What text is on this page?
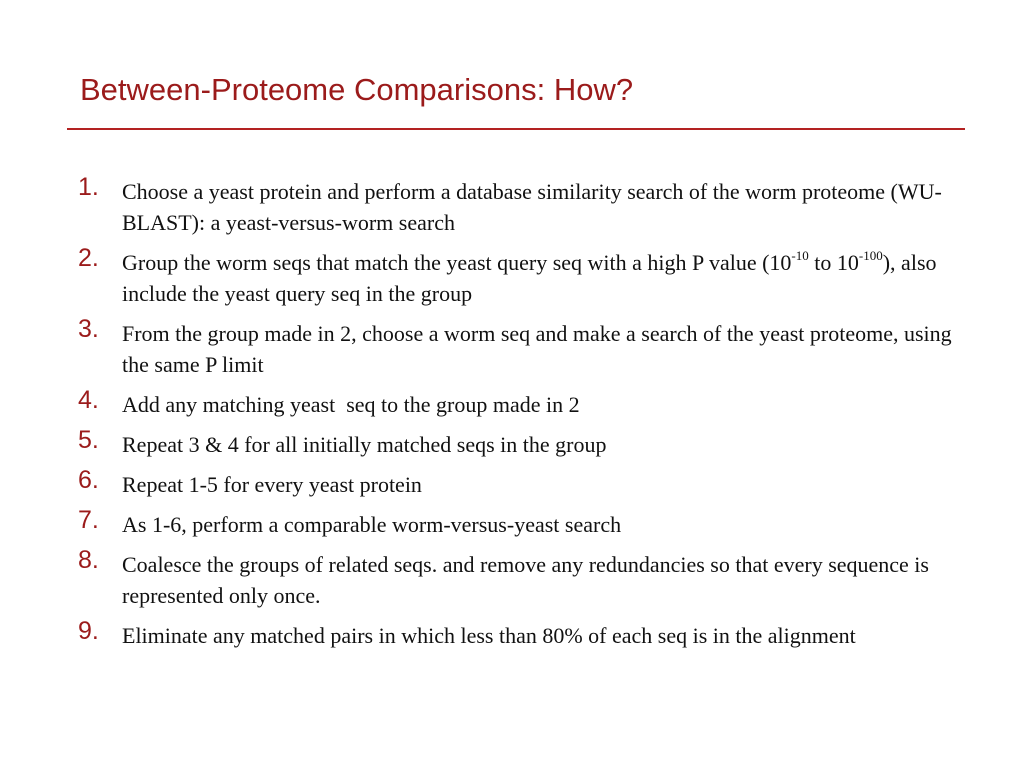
Between-Proteome Comparisons: How?
1.	Choose a yeast protein and perform a database similarity search of the worm proteome (WU-BLAST): a yeast-versus-worm search
2.	Group the worm seqs that match the yeast query seq with a high P value ($10^{-10}$ to $10^{-100}$), also include the yeast query seq in the group
3.	From the group made in 2, choose a worm seq and make a search of the yeast proteome, using the same P limit
4.	Add any matching yeast  seq to the group made in 2
5.	Repeat 3 & 4 for all initially matched seqs in the group
6.	Repeat 1-5 for every yeast protein
7.	As 1-6, perform a comparable worm-versus-yeast search
8.	Coalesce the groups of related seqs. and remove any redundancies so that every sequence is represented only once.
9.	Eliminate any matched pairs in which less than 80% of each seq is in the alignment
